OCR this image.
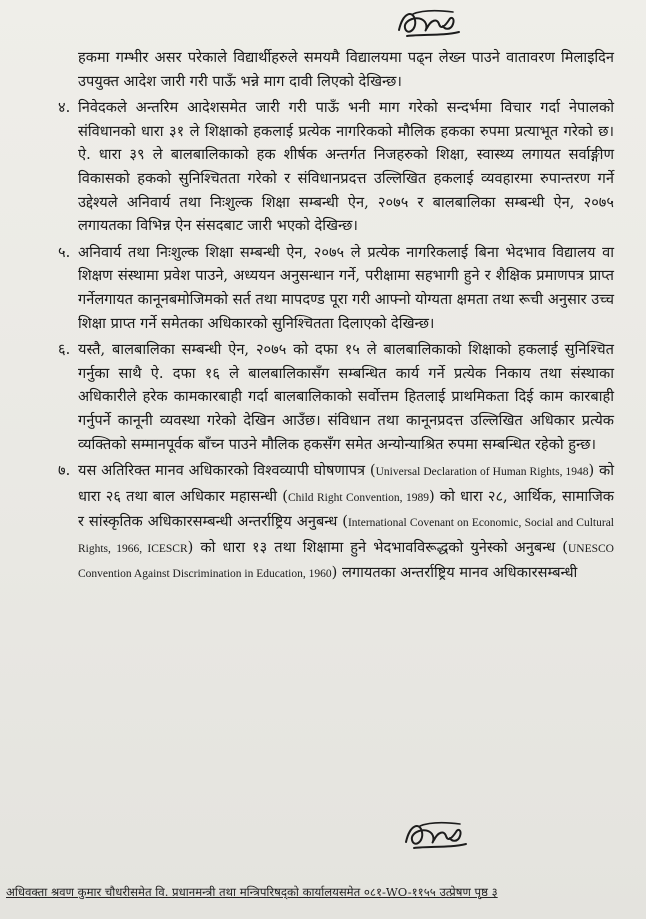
हकमा गम्भीर असर परेकाले विद्यार्थीहरुले समयमै विद्यालयमा पढ्न लेख्न पाउने वातावरण मिलाइदिन उपयुक्त आदेश जारी गरी पाऊँ भन्ने माग दावी लिएको देखिन्छ।

४. निवेदकले अन्तरिम आदेशसमेत जारी गरी पाऊँ भनी माग गरेको सन्दर्भमा विचार गर्दा नेपालको संविधानको धारा ३१ ले शिक्षाको हकलाई प्रत्येक नागरिकको मौलिक हकका रुपमा प्रत्याभूत गरेको छ। ऐ. धारा ३९ ले बालबालिकाको हक शीर्षक अन्तर्गत निजहरुको शिक्षा, स्वास्थ्य लगायत सर्वाङ्गीण विकासको हकको सुनिश्चितता गरेको र संविधानप्रदत्त उल्लिखित हकलाई व्यवहारमा रुपान्तरण गर्ने उद्देश्यले अनिवार्य तथा निःशुल्क शिक्षा सम्बन्धी ऐन, २०७५ र बालबालिका सम्बन्धी ऐन, २०७५ लगायतका विभिन्न ऐन संसदबाट जारी भएको देखिन्छ।
५. अनिवार्य तथा निःशुल्क शिक्षा सम्बन्धी ऐन, २०७५ ले प्रत्येक नागरिकलाई बिना भेदभाव विद्यालय वा शिक्षण संस्थामा प्रवेश पाउने, अध्ययन अनुसन्धान गर्ने, परीक्षामा सहभागी हुने र शैक्षिक प्रमाणपत्र प्राप्त गर्नेलगायत कानूनबमोजिमको सर्त तथा मापदण्ड पूरा गरी आफ्नो योग्यता क्षमता तथा रूची अनुसार उच्च शिक्षा प्राप्त गर्ने समेतका अधिकारको सुनिश्चितता दिलाएको देखिन्छ।
६. यस्तै, बालबालिका सम्बन्धी ऐन, २०७५ को दफा १५ ले बालबालिकाको शिक्षाको हकलाई सुनिश्चित गर्नुका साथै ऐ. दफा १६ ले बालबालिकासँग सम्बन्धित कार्य गर्ने प्रत्येक निकाय तथा संस्थाका अधिकारीले हरेक कामकारबाही गर्दा बालबालिकाको सर्वोत्तम हितलाई प्राथमिकता दिई काम कारबाही गर्नुपर्ने कानूनी व्यवस्था गरेको देखिन आउँछ। संविधान तथा कानूनप्रदत्त उल्लिखित अधिकार प्रत्येक व्यक्तिको सम्मानपूर्वक बाँच्न पाउने मौलिक हकसँग समेत अन्योन्याश्रित रुपमा सम्बन्धित रहेको हुन्छ।
७. यस अतिरिक्त मानव अधिकारको विश्वव्यापी घोषणापत्र (Universal Declaration of Human Rights, 1948) को धारा २६ तथा बाल अधिकार महासन्धी (Child Right Convention, 1989) को धारा २८, आर्थिक, सामाजिक र सांस्कृतिक अधिकारसम्बन्धी अन्तर्राष्ट्रिय अनुबन्ध (International Covenant on Economic, Social and Cultural Rights, 1966, ICESCR) को धारा १३ तथा शिक्षामा हुने भेदभावविरूद्धको युनेस्को अनुबन्ध (UNESCO Convention Against Discrimination in Education, 1960) लगायतका अन्तर्राष्ट्रिय मानव अधिकारसम्बन्धी
अधिवक्ता श्रवण कुमार चौधरीसमेत वि. प्रधानमन्त्री तथा मन्त्रिपरिषद्को कार्यालयसमेत ०८१-WO-११५५ उत्प्रेषण पृष्ठ ३
